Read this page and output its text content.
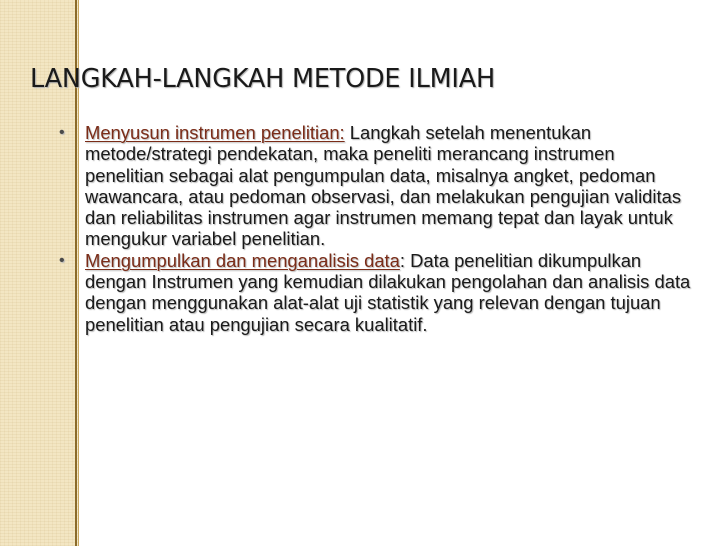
LANGKAH-LANGKAH METODE ILMIAH
• Menyusun instrumen penelitian: Langkah setelah menentukan metode/strategi pendekatan, maka peneliti merancang instrumen penelitian sebagai alat pengumpulan data, misalnya angket, pedoman wawancara, atau pedoman observasi, dan melakukan pengujian validitas dan reliabilitas instrumen agar instrumen memang tepat dan layak untuk mengukur variabel penelitian.
• Mengumpulkan dan menganalisis data: Data penelitian dikumpulkan dengan Instrumen yang kemudian dilakukan pengolahan dan analisis data dengan menggunakan alat-alat uji statistik yang relevan dengan tujuan penelitian atau pengujian secara kualitatif.
